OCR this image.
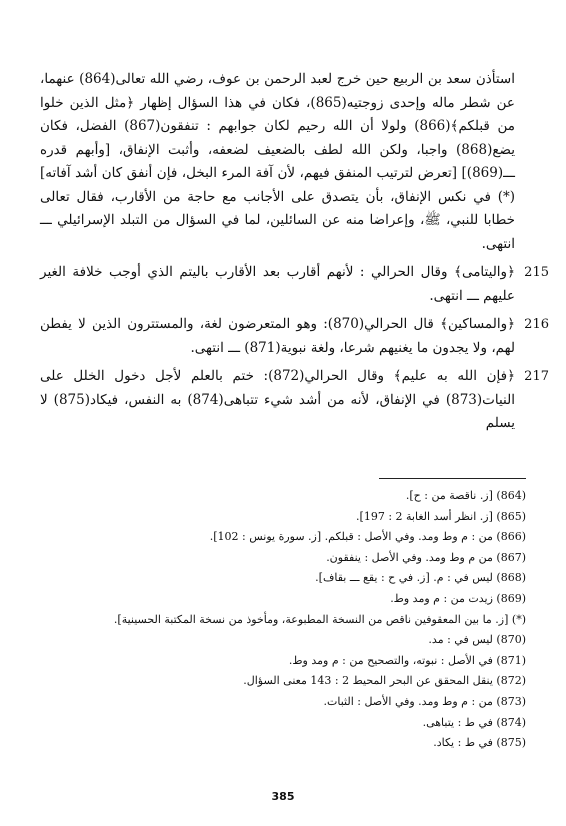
استأذن سعد بن الربيع حين خرج لعبد الرحمن بن عوف، رضي الله تعالى(864) عنهما، عن شطر ماله وإحدى زوجتيه(865)، فكان في هذا السؤال إظهار ﴿مثل الذين خلوا من قبلكم﴾(866) ولولا أن الله رحيم لكان جوابهم : تنفقون(867) الفضل، فكان يضع(868) واجبا، ولكن الله لطف بالضعيف لضعفه، وأثبت الإنفاق، [وأبهم قدره ـــ(869)] [تعرض لترتيب المنفق فيهم، لأن آفة المرء البخل، فإن أنفق كان أشد آفاته](*) في نكس الإنفاق، بأن يتصدق على الأجانب مع حاجة من الأقارب، فقال تعالى خطابا للنبي، ﷺ، وإعراضا منه عن السائلين، لما في السؤال من التبلد الإسرائيلي ـــ انتهى.

215

﴿واليتامى﴾ وقال الحرالي : لأنهم أقارب بعد الأقارب باليتم الذي أوجب خلافة الغير عليهم ـــ انتهى.

216

﴿والمساكين﴾ قال الحرالي(870): وهو المتعرضون لغة، والمستترون الذين لا يفطن لهم، ولا يجدون ما يغنيهم شرعا، ولغة نبوية(871) ـــ انتهى.

217

﴿فإن الله به عليم﴾ وقال الحرالي(872): ختم بالعلم لأجل دخول الخلل على النيات(873) في الإنفاق، لأنه من أشد شيء تتباهى(874) به النفس، فيكاد(875) لا يسلم

(864) [ز. ناقصة من : ح].

(865) [ز. انظر أسد الغابة 2 : 197].

(866) من : م وط ومد. وفي الأصل : قبلكم. [ز. سورة يونس : 102].

(867) من م وط ومد. وفي الأصل : ينفقون.

(868) ليس في : م. [ز. في ح : يقع ـــ بقاف].

(869) زيدت من : م ومد وط.

(*) [ز. ما بين المعقوفين ناقص من النسخة المطبوعة، ومأخوذ من نسخة المكتبة الحسينية].

(870) ليس في : مد.

(871) في الأصل : نبوته، والتصحيح من : م ومد وط.

(872) ينقل المحقق عن البحر المحيط 2 : 143 معنى السؤال.

(873) من : م وط ومد. وفي الأصل : الثبات.

(874) في ط : يتباهى.

(875) في ط : يكاد.

385
